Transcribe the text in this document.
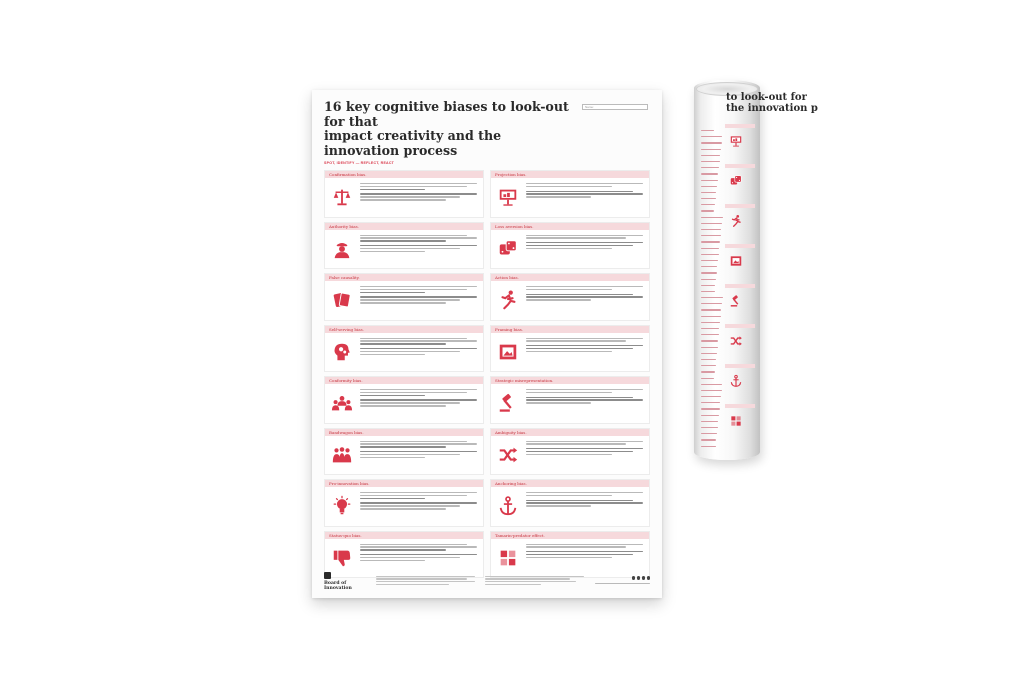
16 key cognitive biases to look-out for that
impact creativity and the innovation process
Name:
SPOT, IDENTIFY — REFLECT, REACT
Confirmation bias.	Projection bias.
Authority bias.	Loss aversion bias.
False causality.	Action bias.
Self-serving bias.	Framing bias.
Conformity bias.	Strategic misrepresentation.
Bandwagon bias.	Ambiguity bias.
Pro-innovation bias.	Anchoring bias.
Status-quo bias.	Tamarin-predator effect.
Board of
Innovation
to look-out for
the innovation p
